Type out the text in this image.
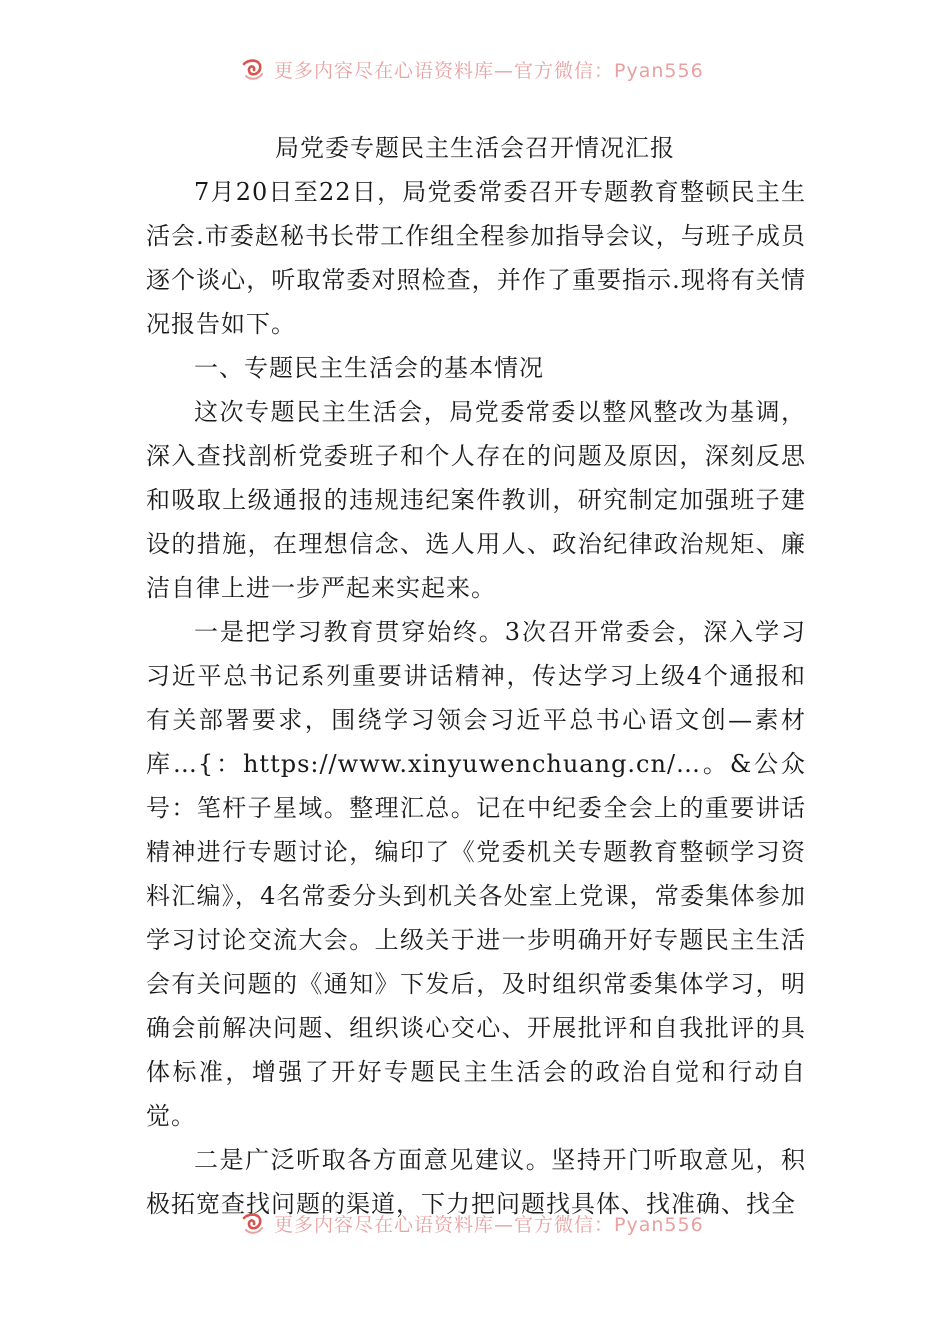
更多内容尽在心语资料库—官方微信：Pyan556
局党委专题民主生活会召开情况汇报

7月20日至22日，局党委常委召开专题教育整顿民主生活会.市委赵秘书长带工作组全程参加指导会议，与班子成员逐个谈心，听取常委对照检查，并作了重要指示.现将有关情况报告如下。

一、专题民主生活会的基本情况

这次专题民主生活会，局党委常委以整风整改为基调，深入查找剖析党委班子和个人存在的问题及原因，深刻反思和吸取上级通报的违规违纪案件教训，研究制定加强班子建设的措施，在理想信念、选人用人、政治纪律政治规矩、廉洁自律上进一步严起来实起来。

一是把学习教育贯穿始终。3次召开常委会，深入学习习近平总书记系列重要讲话精神，传达学习上级4个通报和有关部署要求，围绕学习领会习近平总书心语文创—素材库…{：https://www.xinyuwenchuang.cn/…。&公众号：笔杆子星域。整理汇总。记在中纪委全会上的重要讲话精神进行专题讨论，编印了《党委机关专题教育整顿学习资料汇编》，4名常委分头到机关各处室上党课，常委集体参加学习讨论交流大会。上级关于进一步明确开好专题民主生活会有关问题的《通知》下发后，及时组织常委集体学习，明确会前解决问题、组织谈心交心、开展批评和自我批评的具体标准，增强了开好专题民主生活会的政治自觉和行动自觉。

二是广泛听取各方面意见建议。坚持开门听取意见，积极拓宽查找问题的渠道，下力把问题找具体、找准确、找全

更多内容尽在心语资料库—官方微信：Pyan556
